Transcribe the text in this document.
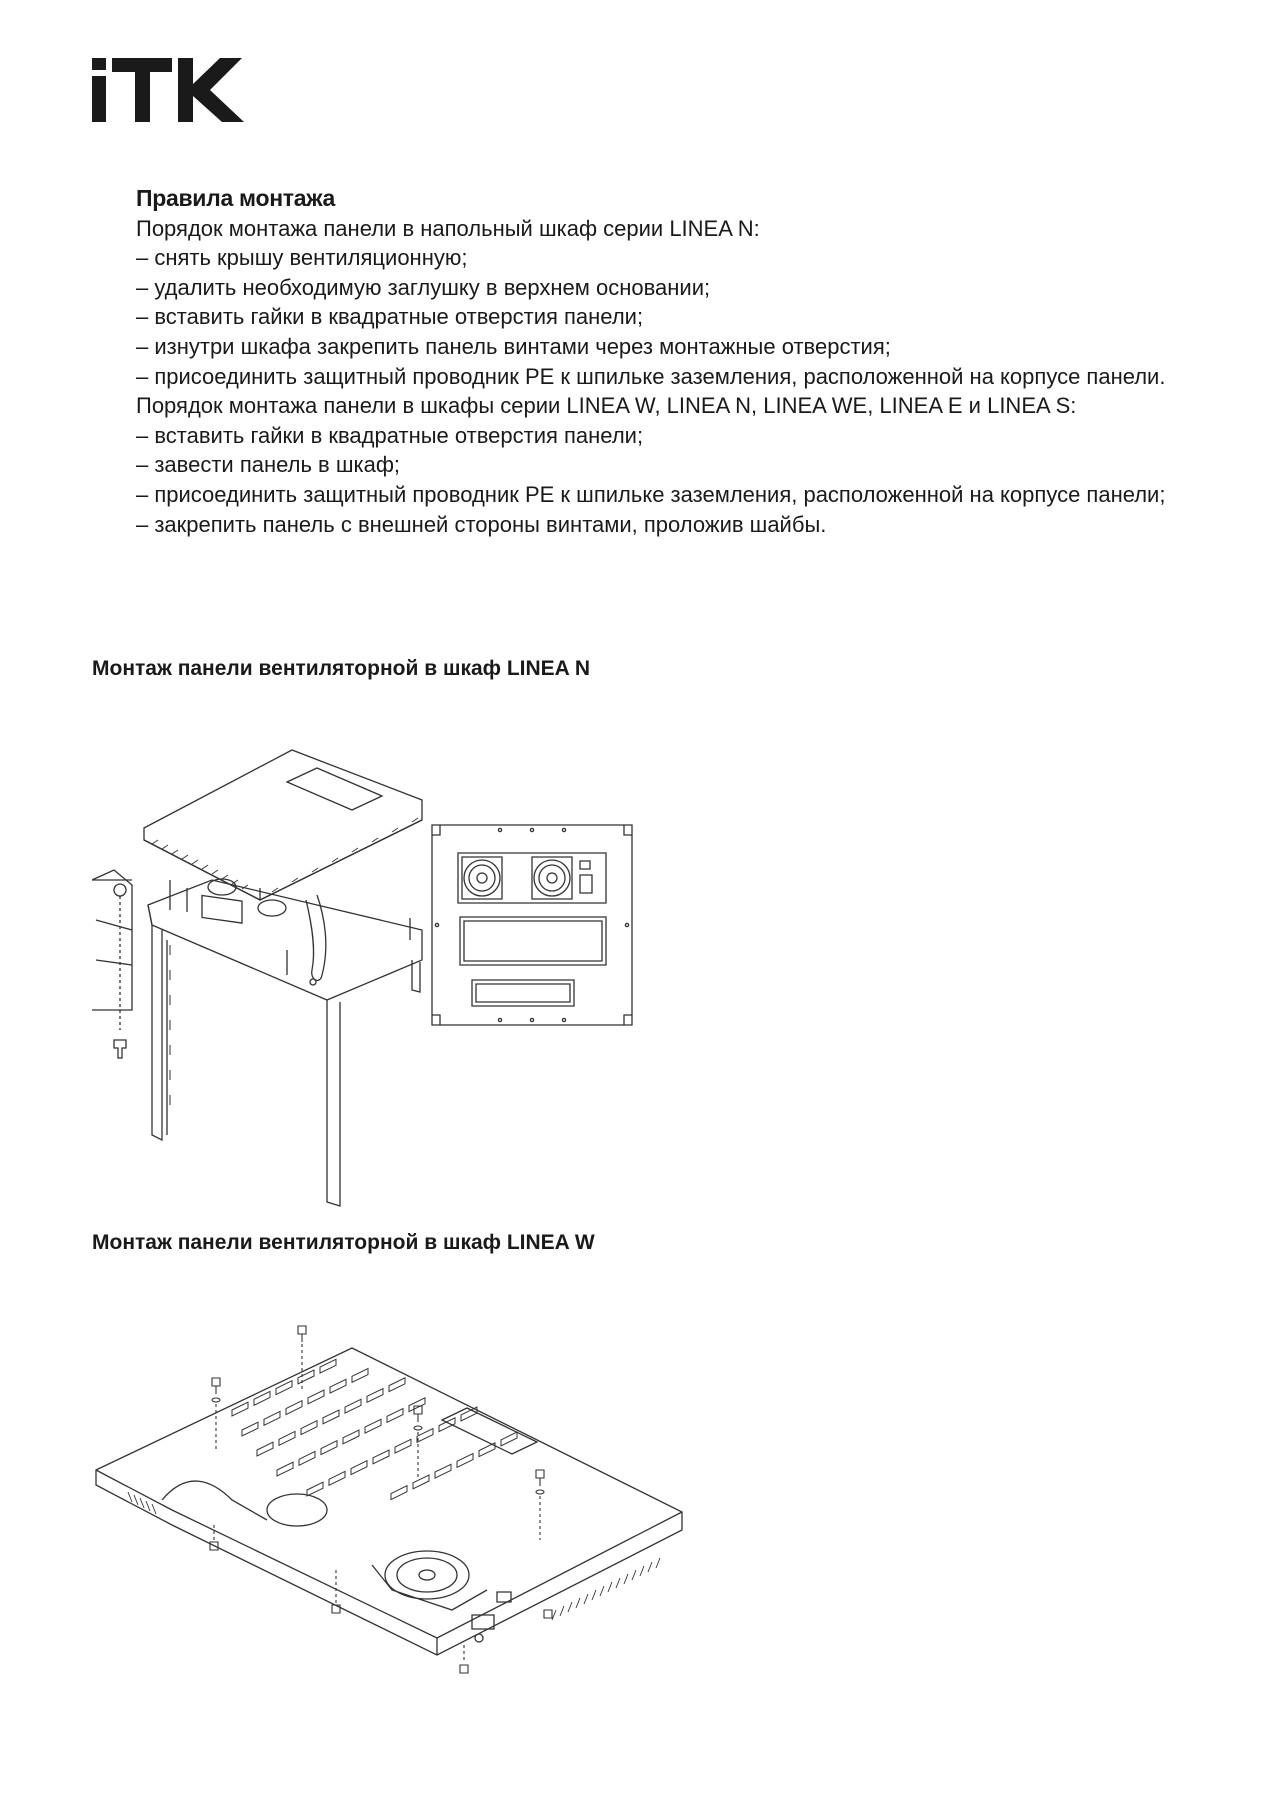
Правила монтажа
Порядок монтажа панели в напольный шкаф серии LINEA N:
– снять крышу вентиляционную;
– удалить необходимую заглушку в верхнем основании;
– вставить гайки в квадратные отверстия панели;
– изнутри шкафа закрепить панель винтами через монтажные отверстия;
– присоединить защитный проводник PE к шпильке заземления, расположенной на корпусе панели.
Порядок монтажа панели в шкафы серии LINEA W, LINEA N, LINEA WE, LINEA E и LINEA S:
– вставить гайки в квадратные отверстия панели;
– завести панель в шкаф;
– присоединить защитный проводник PE к шпильке заземления, расположенной на корпусе панели;
– закрепить панель с внешней стороны винтами, проложив шайбы.
Монтаж панели вентиляторной в шкаф LINEA N
Монтаж панели вентиляторной в шкаф LINEA W
